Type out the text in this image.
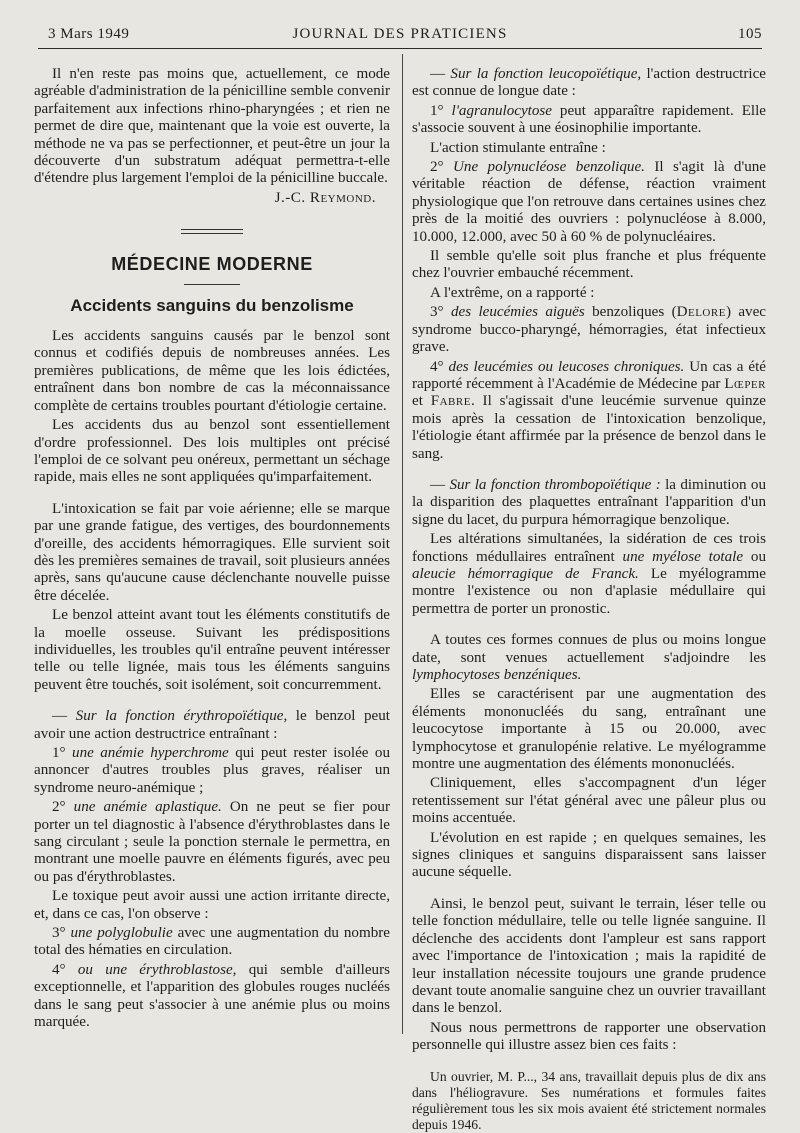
3 Mars 1949	JOURNAL DES PRATICIENS	105

Il n'en reste pas moins que, actuellement, ce mode agréable d'administration de la pénicilline semble convenir parfaitement aux infections rhino-pharyngées ; et rien ne permet de dire que, maintenant que la voie est ouverte, la méthode ne va pas se perfectionner, et peut-être un jour la découverte d'un substratum adéquat permettra-t-elle d'étendre plus largement l'emploi de la pénicilline buccale.

J.-C. Reymond.
MÉDECINE MODERNE
Accidents sanguins du benzolisme

Les accidents sanguins causés par le benzol sont connus et codifiés depuis de nombreuses années. Les premières publications, de même que les lois édictées, entraînent dans bon nombre de cas la méconnaissance complète de certains troubles pourtant d'étiologie certaine.

Les accidents dus au benzol sont essentiellement d'ordre professionnel. Des lois multiples ont précisé l'emploi de ce solvant peu onéreux, permettant un séchage rapide, mais elles ne sont appliquées qu'imparfaitement.

L'intoxication se fait par voie aérienne; elle se marque par une grande fatigue, des vertiges, des bourdonnements d'oreille, des accidents hémorragiques. Elle survient soit dès les premières semaines de travail, soit plusieurs années après, sans qu'aucune cause déclenchante nouvelle puisse être décelée.

Le benzol atteint avant tout les éléments constitutifs de la moelle osseuse. Suivant les prédispositions individuelles, les troubles qu'il entraîne peuvent intéresser telle ou telle lignée, mais tous les éléments sanguins peuvent être touchés, soit isolément, soit concurremment.

— Sur la fonction érythropoïétique, le benzol peut avoir une action destructrice entraînant :

1° une anémie hyperchrome qui peut rester isolée ou annoncer d'autres troubles plus graves, réaliser un syndrome neuro-anémique ;

2° une anémie aplastique. On ne peut se fier pour porter un tel diagnostic à l'absence d'érythroblastes dans le sang circulant ; seule la ponction sternale le permettra, en montrant une moelle pauvre en éléments figurés, avec peu ou pas d'érythroblastes.

Le toxique peut avoir aussi une action irritante directe, et, dans ce cas, l'on observe :

3° une polyglobulie avec une augmentation du nombre total des hématies en circulation.

4° ou une érythroblastose, qui semble d'ailleurs exceptionnelle, et l'apparition des globules rouges nucléés dans le sang peut s'associer à une anémie plus ou moins marquée.

— Sur la fonction leucopoïétique, l'action destructrice est connue de longue date :

1° l'agranulocytose peut apparaître rapidement. Elle s'associe souvent à une éosinophilie importante.

L'action stimulante entraîne :

2° Une polynucléose benzolique. Il s'agit là d'une véritable réaction de défense, réaction vraiment physiologique que l'on retrouve dans certaines usines chez près de la moitié des ouvriers : polynucléose à 8.000, 10.000, 12.000, avec 50 à 60 % de polynucléaires.

Il semble qu'elle soit plus franche et plus fréquente chez l'ouvrier embauché récemment.

A l'extrême, on a rapporté :

3° des leucémies aiguës benzoliques (Delore) avec syndrome bucco-pharyngé, hémorragies, état infectieux grave.

4° des leucémies ou leucoses chroniques. Un cas a été rapporté récemment à l'Académie de Médecine par Lœper et Fabre. Il s'agissait d'une leucémie survenue quinze mois après la cessation de l'intoxication benzolique, l'étiologie étant affirmée par la présence de benzol dans le sang.

— Sur la fonction thrombopoïétique : la diminution ou la disparition des plaquettes entraînant l'apparition d'un signe du lacet, du purpura hémorragique benzolique.

Les altérations simultanées, la sidération de ces trois fonctions médullaires entraînent une myélose totale ou aleucie hémorragique de Franck. Le myélogramme montre l'existence ou non d'aplasie médullaire qui permettra de porter un pronostic.

A toutes ces formes connues de plus ou moins longue date, sont venues actuellement s'adjoindre les lymphocytoses benzéniques.

Elles se caractérisent par une augmentation des éléments mononucléés du sang, entraînant une leucocytose importante à 15 ou 20.000, avec lymphocytose et granulopénie relative. Le myélogramme montre une augmentation des éléments mononucléés.

Cliniquement, elles s'accompagnent d'un léger retentissement sur l'état général avec une pâleur plus ou moins accentuée.

L'évolution en est rapide ; en quelques semaines, les signes cliniques et sanguins disparaissent sans laisser aucune séquelle.

Ainsi, le benzol peut, suivant le terrain, léser telle ou telle fonction médullaire, telle ou telle lignée sanguine. Il déclenche des accidents dont l'ampleur est sans rapport avec l'importance de l'intoxication ; mais la rapidité de leur installation nécessite toujours une grande prudence devant toute anomalie sanguine chez un ouvrier travaillant dans le benzol.

Nous nous permettrons de rapporter une observation personnelle qui illustre assez bien ces faits :

Un ouvrier, M. P..., 34 ans, travaillait depuis plus de dix ans dans l'héliogravure. Ses numérations et formules faites régulièrement tous les six mois avaient été strictement normales depuis 1946.
